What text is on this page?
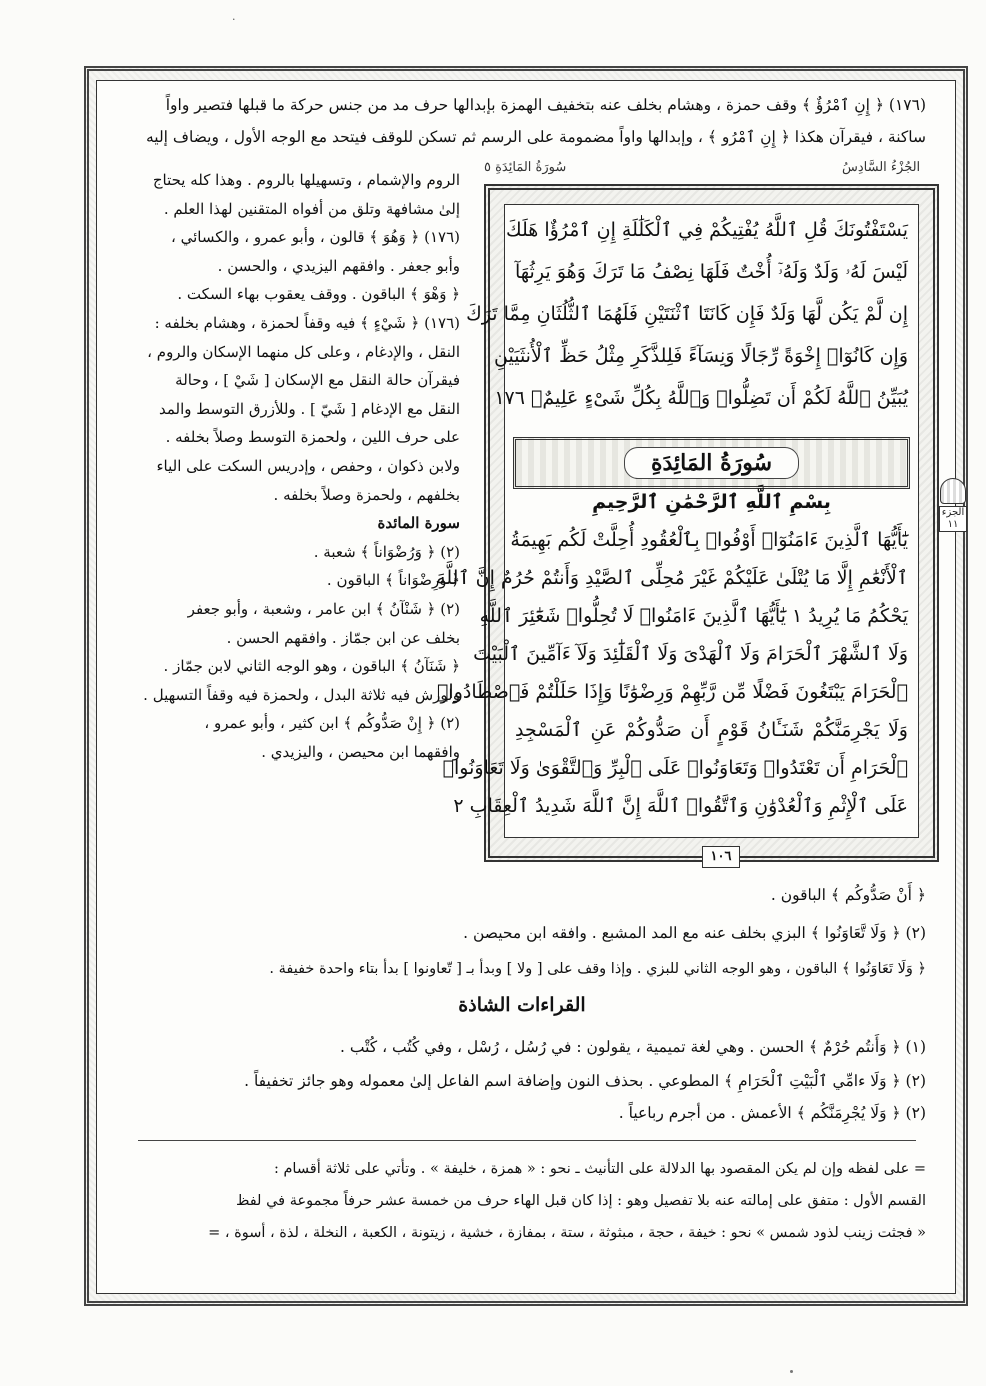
.
(١٧٦) ﴿ إِنِ ٱمْرُؤٌ ﴾ وقف حمزة ، وهشام بخلف عنه بتخفيف الهمزة بإبدالها حرف مد من جنس حركة ما قبلها فتصير واواً
ساكنة ، فيقرآن هكذا ﴿ إِنِ ٱمْرُو ﴾ ، وإبدالها واواً مضمومة على الرسم ثم تسكن للوقف فيتحد مع الوجه الأول ، ويضاف إليه
سُورَةُ المَائِدَةِ ٥	الجُزْءُ السَّادِسُ
الروم والإشمام ، وتسهيلها بالروم . وهذا كله يحتاج
إلىٰ مشافهة وتلق من أفواه المتقنين لهذا العلم .
(١٧٦) ﴿ وَهُوَ ﴾ قالون ، وأبو عمرو ، والكسائي ،
وأبو جعفر . وافقهم اليزيدي ، والحسن .
﴿ وَهْوَ ﴾ الباقون . ووقف يعقوب بهاء السكت .
(١٧٦) ﴿ شَيْءٍ ﴾ فيه وقفاً لحمزة ، وهشام بخلفه :
النقل ، والإدغام ، وعلى كل منهما الإسكان والروم ،
فيقرآن حالة النقل مع الإسكان [ شَيْ ] ، وحالة
النقل مع الإدغام [ شَيّ ] . وللأزرق التوسط والمد
على حرف اللين ، ولحمزة التوسط وصلاً بخلفه .
ولابن ذكوان ، وحفص ، وإدريس السكت على الياء
بخلفهم ، ولحمزة وصلاً بخلفه .
سورة المائدة
(٢) ﴿ وَرُضْوَاناً ﴾ شعبة .
﴿ ورِضْوَاناً ﴾ الباقون .
(٢) ﴿ شَنْآنُ ﴾ ابن عامر ، وشعبة ، وأبو جعفر
بخلف عن ابن جمّاز . وافقهم الحسن .
﴿ شَنَآنُ ﴾ الباقون ، وهو الوجه الثاني لابن جمّاز .
ولورش فيه ثلاثة البدل ، ولحمزة فيه وقفاً التسهيل .
(٢) ﴿ إِنْ صَدُّوكُم ﴾ ابن كثير ، وأبو عمرو ،
وافقهما ابن محيصن ، واليزيدي .
يَسْتَفْتُونَكَ قُلِ ٱللَّهُ يُفْتِيكُمْ فِي ٱلْكَلَٰلَةِ إِنِ ٱمْرُؤٌا هَلَكَ
لَيْسَ لَهُۥ وَلَدٌ وَلَهُۥٓ أُخْتٌ فَلَهَا نِصْفُ مَا تَرَكَ وَهُوَ يَرِثُهَآ
إِن لَّمْ يَكُن لَّهَا وَلَدٌ فَإِن كَانَتَا ٱثْنَتَيْنِ فَلَهُمَا ٱلثُّلُثَانِ مِمَّا تَرَكَ
وَإِن كَانُوٓا۟ إِخْوَةً رِّجَالًا وَنِسَآءً فَلِلذَّكَرِ مِثْلُ حَظِّ ٱلْأُنثَيَيْنِ
يُبَيِّنُ ٱللَّهُ لَكُمْ أَن تَضِلُّوا۟ وَٱللَّهُ بِكُلِّ شَىْءٍ عَلِيمٌۢ ١٧٦
سُورَةُ المَائِدَةِ
بِسْمِ ٱللَّهِ ٱلرَّحْمَٰنِ ٱلرَّحِيمِ
يَٰٓأَيُّهَا ٱلَّذِينَ ءَامَنُوٓا۟ أَوْفُوا۟ بِٱلْعُقُودِ أُحِلَّتْ لَكُم بَهِيمَةُ
ٱلْأَنْعَٰمِ إِلَّا مَا يُتْلَىٰ عَلَيْكُمْ غَيْرَ مُحِلِّى ٱلصَّيْدِ وَأَنتُمْ حُرُمٌ إِنَّ ٱللَّهَ
يَحْكُمُ مَا يُرِيدُ ١ يَٰٓأَيُّهَا ٱلَّذِينَ ءَامَنُوا۟ لَا تُحِلُّوا۟ شَعَٰٓئِرَ ٱللَّهِ
وَلَا ٱلشَّهْرَ ٱلْحَرَامَ وَلَا ٱلْهَدْىَ وَلَا ٱلْقَلَٰٓئِدَ وَلَآ ءَآمِّينَ ٱلْبَيْتَ
ٱلْحَرَامَ يَبْتَغُونَ فَضْلًا مِّن رَّبِّهِمْ وَرِضْوَٰنًا وَإِذَا حَلَلْتُمْ فَٱصْطَادُوا۟
وَلَا يَجْرِمَنَّكُمْ شَنَـَٔانُ قَوْمٍ أَن صَدُّوكُمْ عَنِ ٱلْمَسْجِدِ
ٱلْحَرَامِ أَن تَعْتَدُوا۟ وَتَعَاوَنُوا۟ عَلَى ٱلْبِرِّ وَٱلتَّقْوَىٰ وَلَا تَعَاوَنُوا۟
عَلَى ٱلْإِثْمِ وَٱلْعُدْوَٰنِ وَٱتَّقُوا۟ ٱللَّهَ إِنَّ ٱللَّهَ شَدِيدُ ٱلْعِقَابِ ٢
١٠٦
الجزء ١١
﴿ أَنْ صَدُّوكُم ﴾ الباقون .
(٢) ﴿ وَلَا تَّعَاوَنُوا ﴾ البزي بخلف عنه مع المد المشبع . وافقه ابن محيصن .
﴿ وَلَا تَعَاوَنُوا ﴾ الباقون ، وهو الوجه الثاني للبزي . وإذا وقف على [ ولا ] وبدأ بـ [ تّعاونوا ] بدأ بتاء واحدة خفيفة .
القراءات الشاذة
(١) ﴿ وَأَنتُم حُرْمٌ ﴾ الحسن . وهي لغة تميمية ، يقولون : في رُسُل ، رُسْل ، وفي كُتُب ، كُتْب .
(٢) ﴿ وَلَا ءامِّي ٱلْبَيْتِ ٱلْحَرَامِ ﴾ المطوعي . بحذف النون وإضافة اسم الفاعل إلىٰ معموله وهو جائز تخفيفاً .
(٢) ﴿ وَلَا يُجْرِمَنَّكُم ﴾ الأعمش . من أجرم رباعياً .
= على لفظه وإن لم يكن المقصود بها الدلالة على التأنيث ـ نحو : « همزة ، خليفة » . وتأتي على ثلاثة أقسام :
القسم الأول : متفق على إمالته عنه بلا تفصيل وهو : إذا كان قبل الهاء حرف من خمسة عشر حرفاً مجموعة في لفظ
« فجثت زينب لذود شمس » نحو : خيفة ، حجة ، مبثوثة ، ستة ، بمفازة ، خشية ، زيتونة ، الكعبة ، النخلة ، لذة ، أسوة ، =
